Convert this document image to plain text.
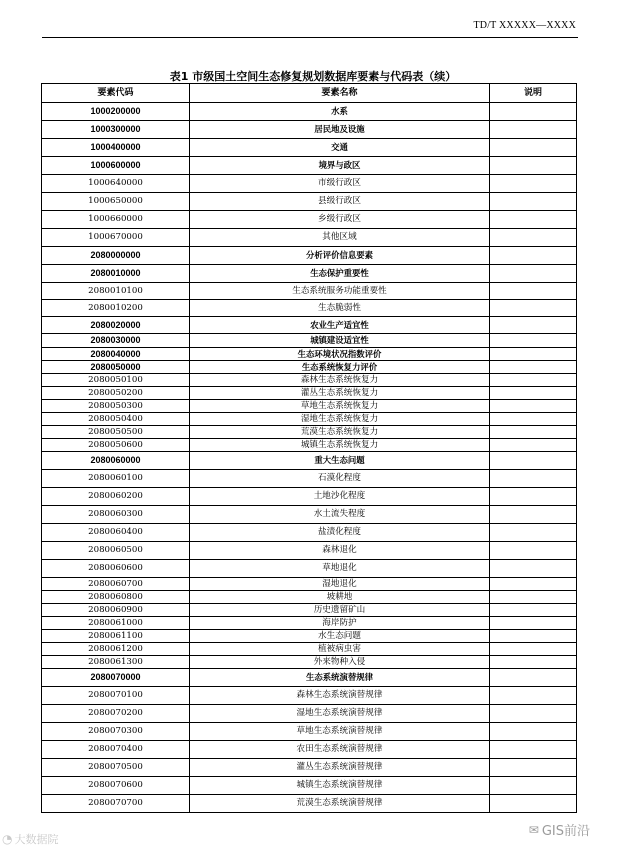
TD/T XXXXX—XXXX
表1 市级国土空间生态修复规划数据库要素与代码表（续）
要素代码	要素名称	说明
1000200000	水系	
1000300000	居民地及设施	
1000400000	交通	
1000600000	境界与政区	
1000640000	市级行政区	
1000650000	县级行政区	
1000660000	乡级行政区	
1000670000	其他区域	
2080000000	分析评价信息要素	
2080010000	生态保护重要性	
2080010100	生态系统服务功能重要性	
2080010200	生态脆弱性	
2080020000	农业生产适宜性	
2080030000	城镇建设适宜性	
2080040000	生态环境状况指数评价	
2080050000	生态系统恢复力评价	
2080050100	森林生态系统恢复力	
2080050200	灌丛生态系统恢复力	
2080050300	草地生态系统恢复力	
2080050400	湿地生态系统恢复力	
2080050500	荒漠生态系统恢复力	
2080050600	城镇生态系统恢复力	
2080060000	重大生态问题	
2080060100	石漠化程度	
2080060200	土地沙化程度	
2080060300	水土流失程度	
2080060400	盐渍化程度	
2080060500	森林退化	
2080060600	草地退化	
2080060700	湿地退化	
2080060800	坡耕地	
2080060900	历史遗留矿山	
2080061000	海岸防护	
2080061100	水生态问题	
2080061200	植被病虫害	
2080061300	外来物种入侵	
2080070000	生态系统演替规律	
2080070100	森林生态系统演替规律	
2080070200	湿地生态系统演替规律	
2080070300	草地生态系统演替规律	
2080070400	农田生态系统演替规律	
2080070500	灌丛生态系统演替规律	
2080070600	城镇生态系统演替规律	
2080070700	荒漠生态系统演替规律	
◔ 大数据院
✉ GIS前沿
